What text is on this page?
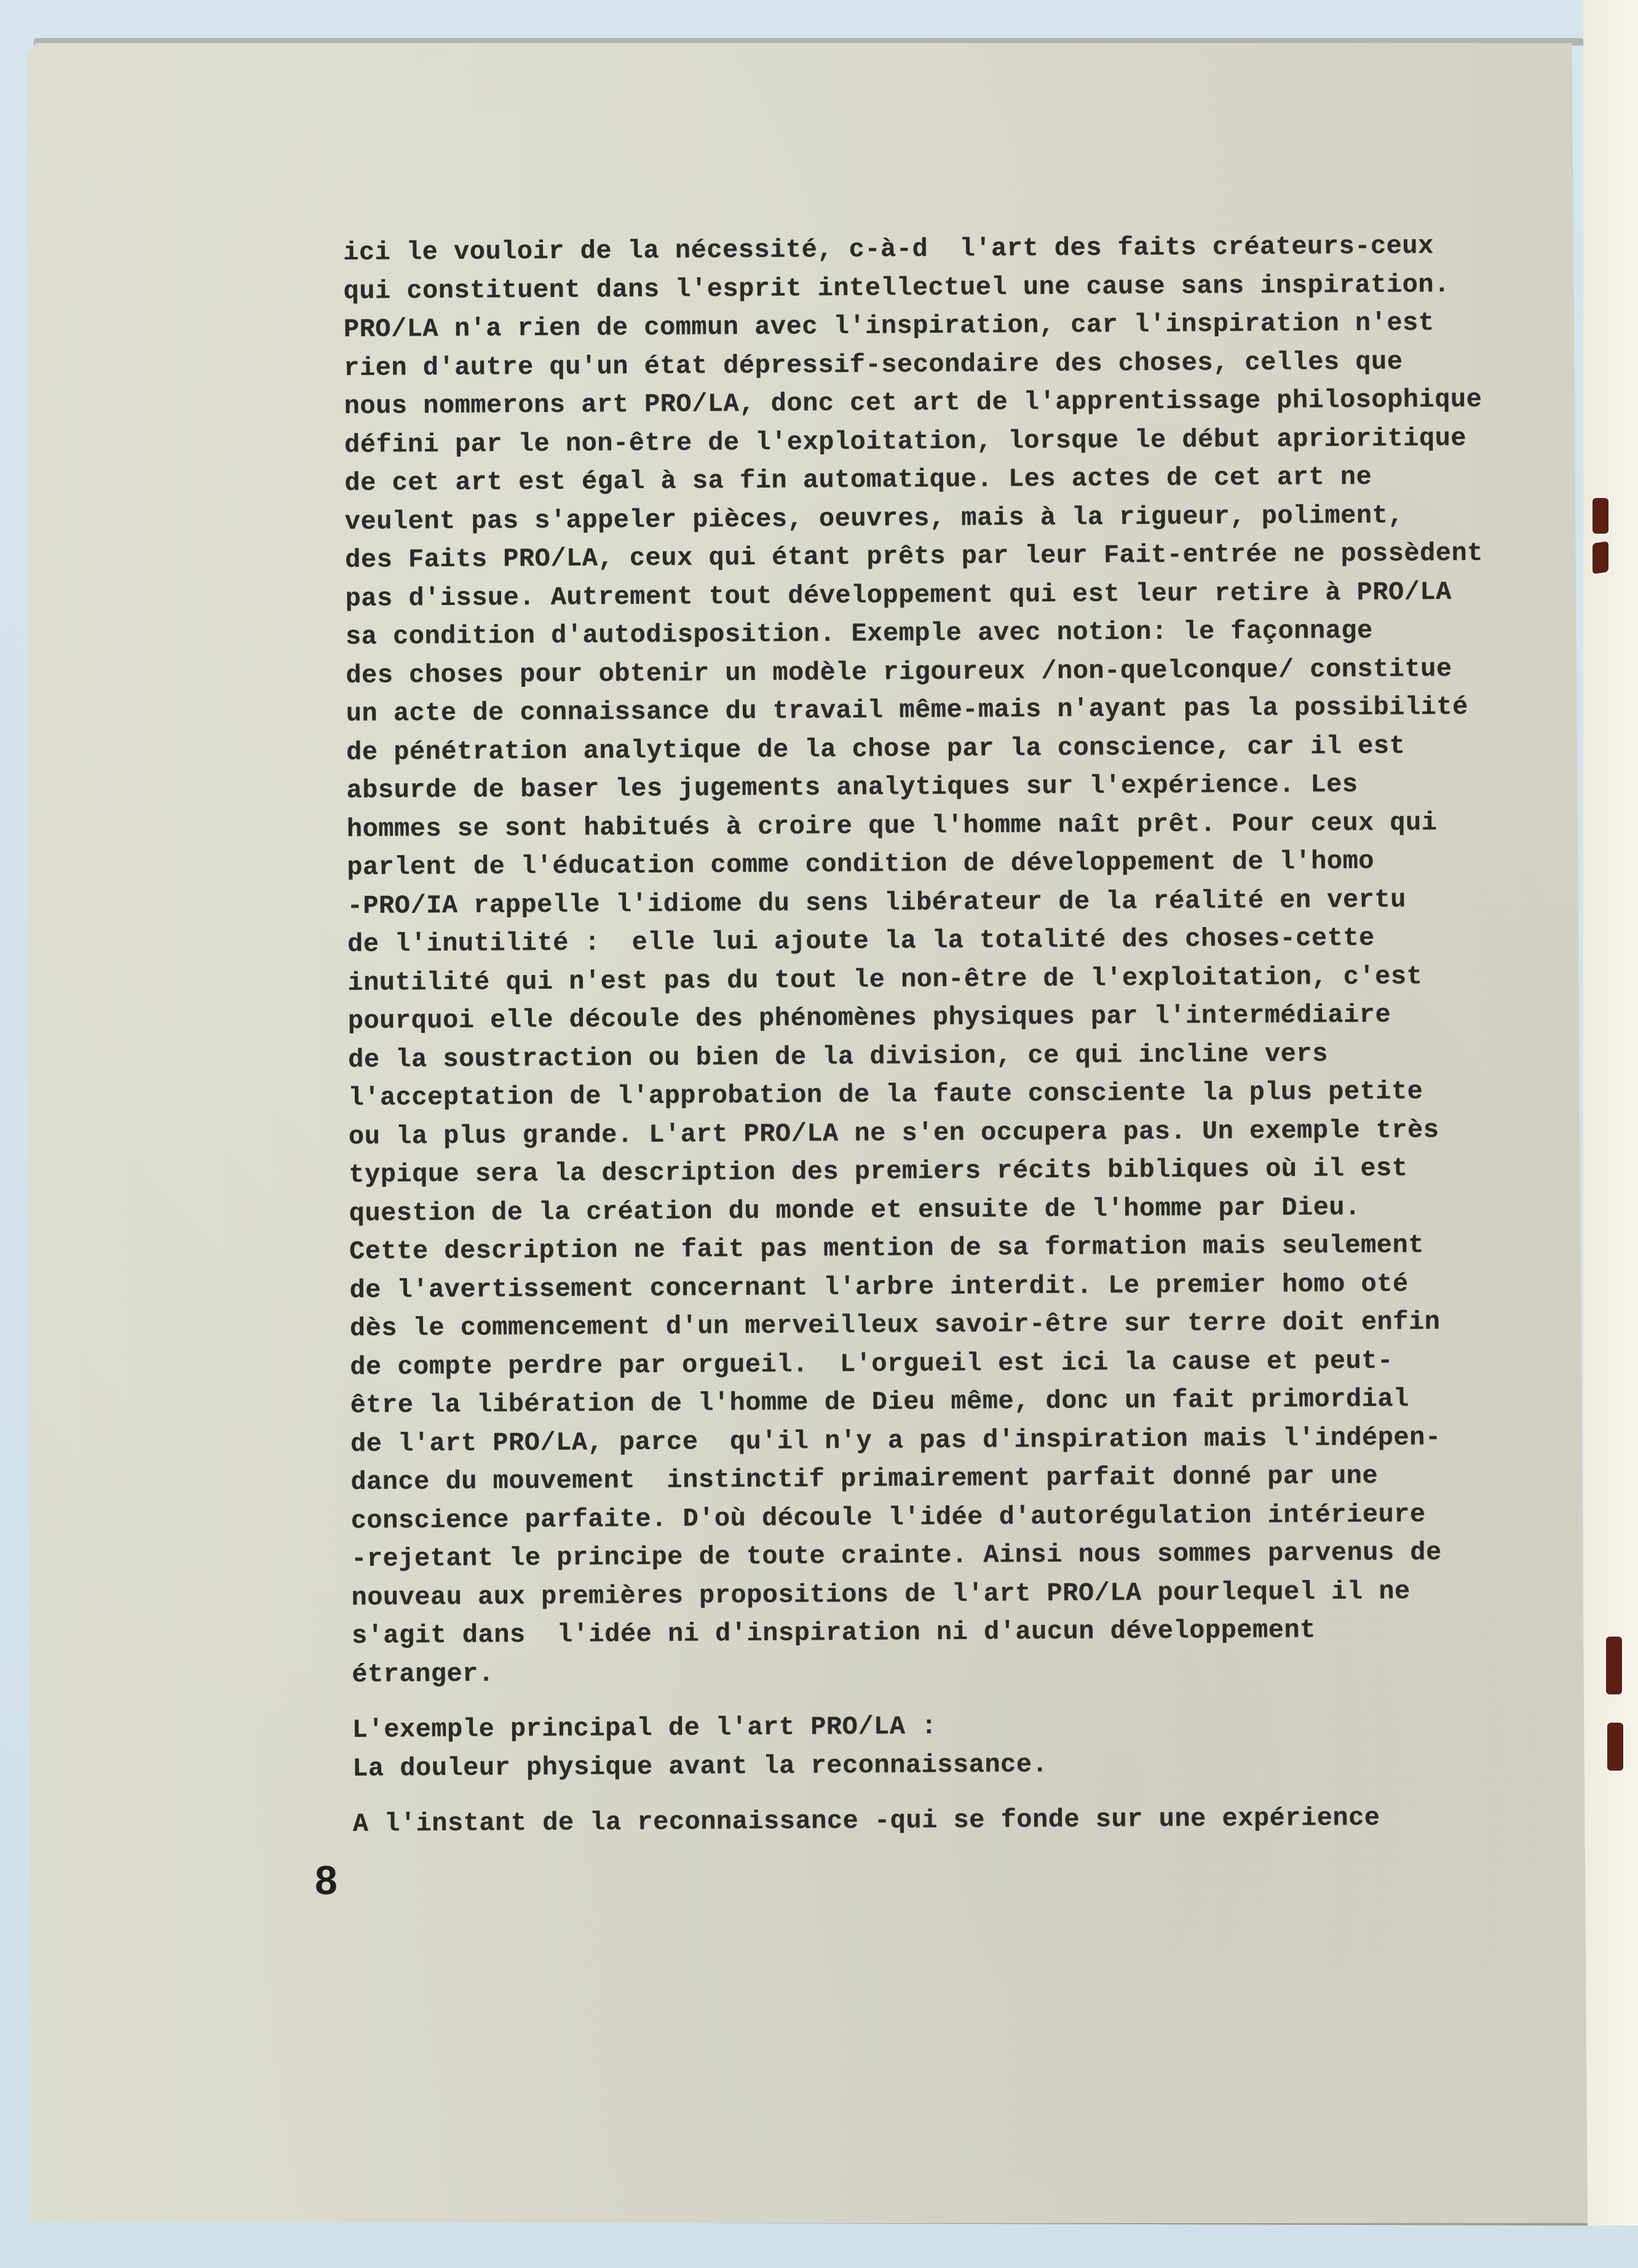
ici le vouloir de la nécessité, c-à-d  l'art des faits créateurs-ceux
qui constituent dans l'esprit intellectuel une cause sans inspiration.
PRO/LA n'a rien de commun avec l'inspiration, car l'inspiration n'est
rien d'autre qu'un état dépressif-secondaire des choses, celles que
nous nommerons art PRO/LA, donc cet art de l'apprentissage philosophique
défini par le non-être de l'exploitation, lorsque le début aprioritique
de cet art est égal à sa fin automatique. Les actes de cet art ne
veulent pas s'appeler pièces, oeuvres, mais à la rigueur, poliment,
des Faits PRO/LA, ceux qui étant prêts par leur Fait-entrée ne possèdent
pas d'issue. Autrement tout développement qui est leur retire à PRO/LA
sa condition d'autodisposition. Exemple avec notion: le façonnage
des choses pour obtenir un modèle rigoureux /non-quelconque/ constitue
un acte de connaissance du travail même-mais n'ayant pas la possibilité
de pénétration analytique de la chose par la conscience, car il est
absurde de baser les jugements analytiques sur l'expérience. Les
hommes se sont habitués à croire que l'homme naît prêt. Pour ceux qui
parlent de l'éducation comme condition de développement de l'homo
-PRO/IA rappelle l'idiome du sens libérateur de la réalité en vertu
de l'inutilité :  elle lui ajoute la la totalité des choses-cette
inutilité qui n'est pas du tout le non-être de l'exploitation, c'est
pourquoi elle découle des phénomènes physiques par l'intermédiaire
de la soustraction ou bien de la division, ce qui incline vers
l'acceptation de l'approbation de la faute consciente la plus petite
ou la plus grande. L'art PRO/LA ne s'en occupera pas. Un exemple très
typique sera la description des premiers récits bibliques où il est
question de la création du monde et ensuite de l'homme par Dieu.
Cette description ne fait pas mention de sa formation mais seulement
de l'avertissement concernant l'arbre interdit. Le premier homo oté
dès le commencement d'un merveilleux savoir-être sur terre doit enfin
de compte perdre par orgueil.  L'orgueil est ici la cause et peut-
être la libération de l'homme de Dieu même, donc un fait primordial
de l'art PRO/LA, parce  qu'il n'y a pas d'inspiration mais l'indépen-
dance du mouvement  instinctif primairement parfait donné par une
conscience parfaite. D'où découle l'idée d'autorégulation intérieure
-rejetant le principe de toute crainte. Ainsi nous sommes parvenus de
nouveau aux premières propositions de l'art PRO/LA pourlequel il ne
s'agit dans  l'idée ni d'inspiration ni d'aucun développement
étranger.
L'exemple principal de l'art PRO/LA :
La douleur physique avant la reconnaissance.
A l'instant de la reconnaissance -qui se fonde sur une expérience
8
